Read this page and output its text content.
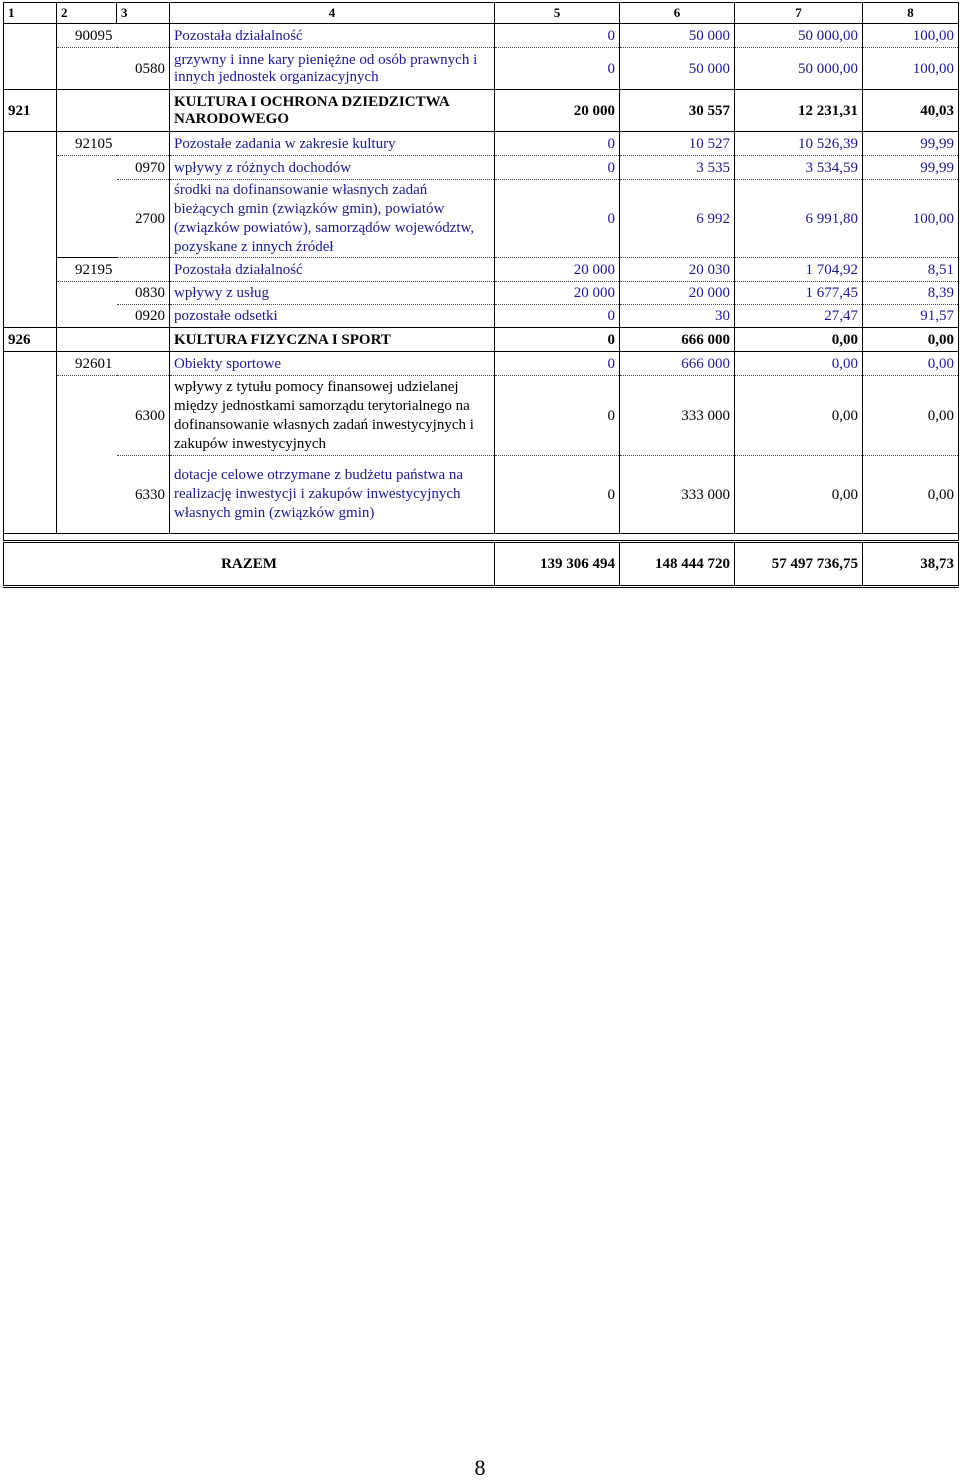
1	2	3	4	5	6	7	8
	90095		Pozostała działalność	0	50 000	50 000,00	100,00
		0580	grzywny i inne kary pieniężne od osób prawnych i innych jednostek organizacyjnych	0	50 000	50 000,00	100,00
921			KULTURA I OCHRONA DZIEDZICTWA NARODOWEGO	20 000	30 557	12 231,31	40,03
	92105		Pozostałe zadania w zakresie kultury	0	10 527	10 526,39	99,99
		0970	wpływy z różnych dochodów	0	3 535	3 534,59	99,99
		2700	środki na dofinansowanie własnych zadań bieżących gmin (związków gmin), powiatów (związków powiatów), samorządów województw, pozyskane z innych źródeł	0	6 992	6 991,80	100,00
	92195		Pozostała działalność	20 000	20 030	1 704,92	8,51
		0830	wpływy z usług	20 000	20 000	1 677,45	8,39
		0920	pozostałe odsetki	0	30	27,47	91,57
926			KULTURA FIZYCZNA I SPORT	0	666 000	0,00	0,00
	92601		Obiekty sportowe	0	666 000	0,00	0,00
		6300	wpływy z tytułu pomocy finansowej udzielanej między jednostkami samorządu terytorialnego na dofinansowanie własnych zadań inwestycyjnych i zakupów inwestycyjnych	0	333 000	0,00	0,00
		6330	dotacje celowe otrzymane z budżetu państwa na realizację inwestycji i zakupów inwestycyjnych własnych gmin (związków gmin)	0	333 000	0,00	0,00

RAZEM				139 306 494	148 444 720	57 497 736,75	38,73
8
